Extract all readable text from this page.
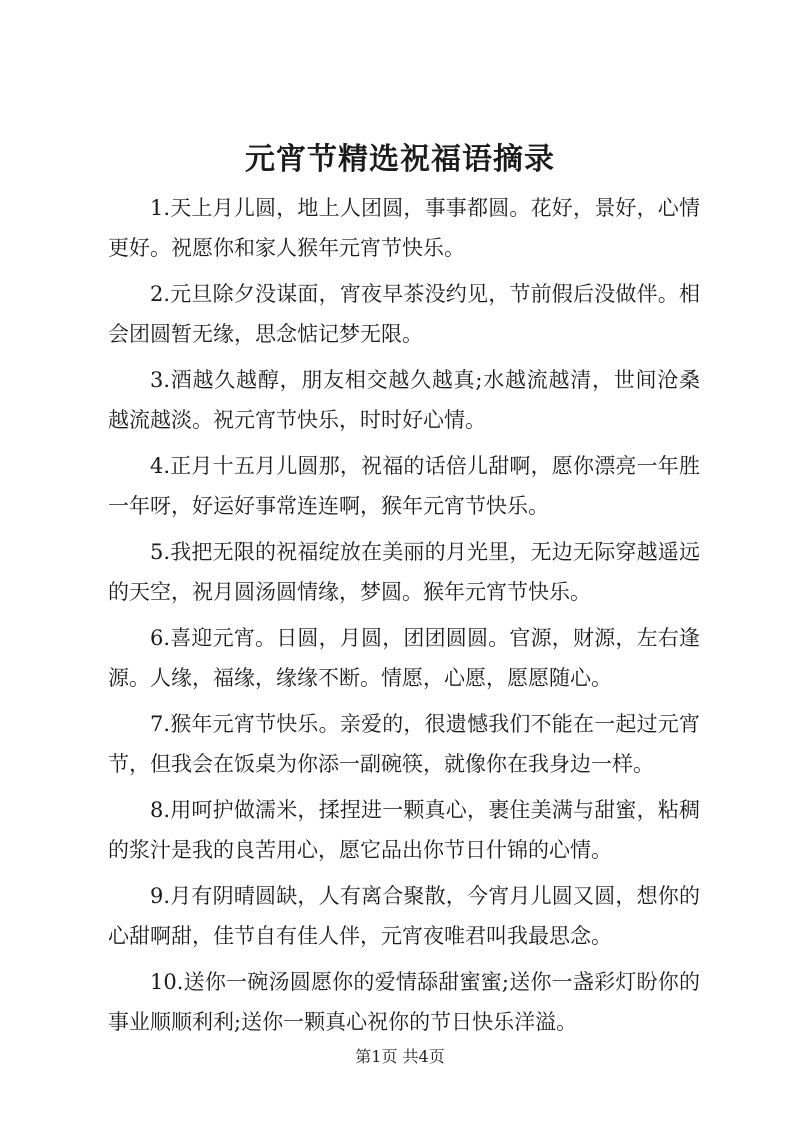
元宵节精选祝福语摘录

1.天上月儿圆，地上人团圆，事事都圆。花好，景好，心情更好。祝愿你和家人猴年元宵节快乐。

2.元旦除夕没谋面，宵夜早茶没约见，节前假后没做伴。相会团圆暂无缘，思念惦记梦无限。

3.酒越久越醇，朋友相交越久越真;水越流越清，世间沧桑越流越淡。祝元宵节快乐，时时好心情。

4.正月十五月儿圆那，祝福的话倍儿甜啊，愿你漂亮一年胜一年呀，好运好事常连连啊，猴年元宵节快乐。

5.我把无限的祝福绽放在美丽的月光里，无边无际穿越遥远的天空，祝月圆汤圆情缘，梦圆。猴年元宵节快乐。

6.喜迎元宵。日圆，月圆，团团圆圆。官源，财源，左右逢源。人缘，福缘，缘缘不断。情愿，心愿，愿愿随心。

7.猴年元宵节快乐。亲爱的，很遗憾我们不能在一起过元宵节，但我会在饭桌为你添一副碗筷，就像你在我身边一样。

8.用呵护做濡米，揉捏进一颗真心，裹住美满与甜蜜，粘稠的浆汁是我的良苦用心，愿它品出你节日什锦的心情。

9.月有阴晴圆缺，人有离合聚散，今宵月儿圆又圆，想你的心甜啊甜，佳节自有佳人伴，元宵夜唯君叫我最思念。

10.送你一碗汤圆愿你的爱情舔甜蜜蜜;送你一盏彩灯盼你的事业顺顺利利;送你一颗真心祝你的节日快乐洋溢。

第1页 共4页
